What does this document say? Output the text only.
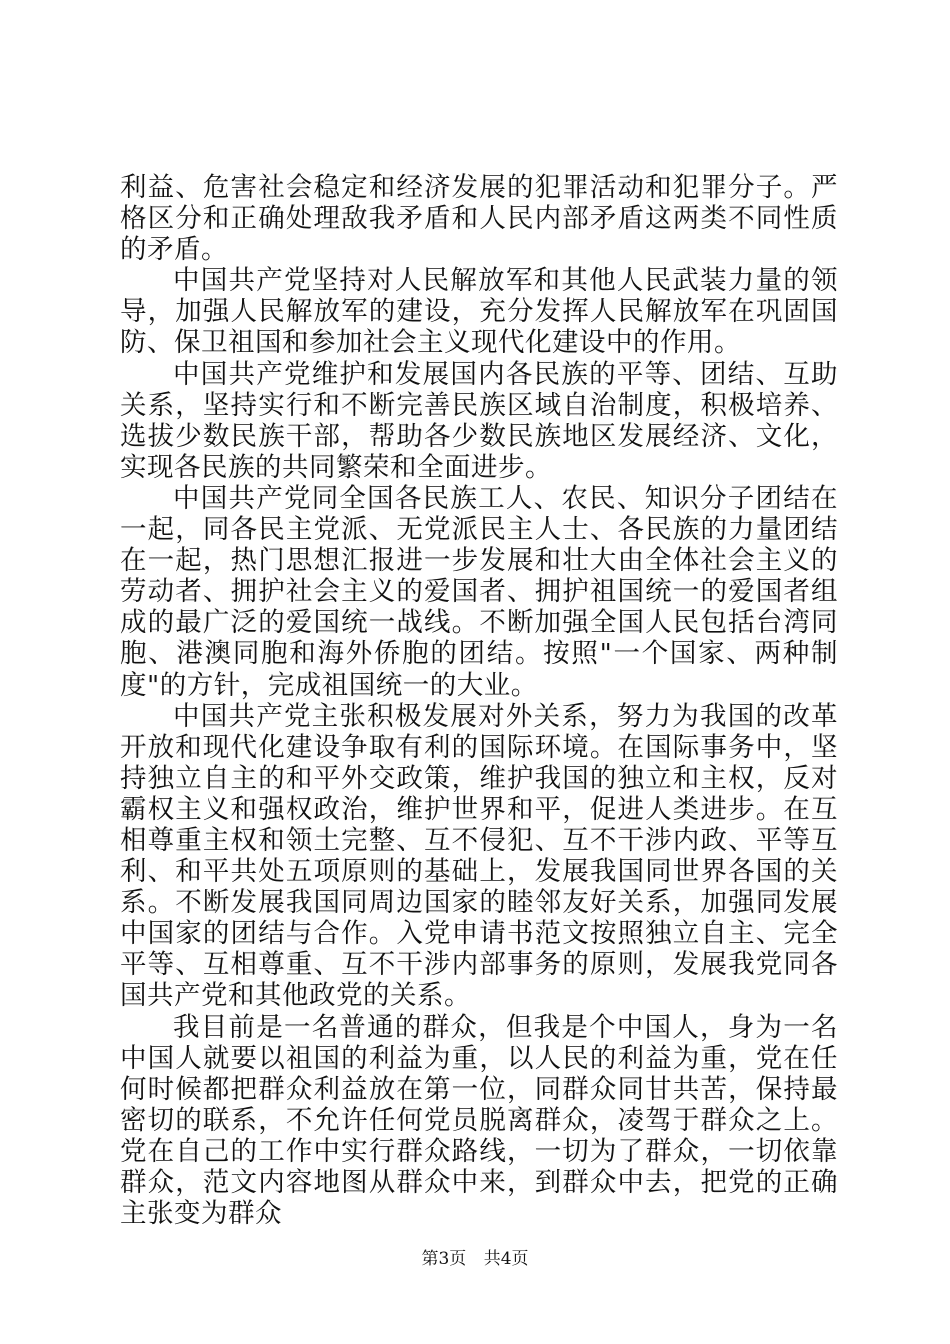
利益、危害社会稳定和经济发展的犯罪活动和犯罪分子。严格区分和正确处理敌我矛盾和人民内部矛盾这两类不同性质的矛盾。

中国共产党坚持对人民解放军和其他人民武装力量的领导，加强人民解放军的建设，充分发挥人民解放军在巩固国防、保卫祖国和参加社会主义现代化建设中的作用。

中国共产党维护和发展国内各民族的平等、团结、互助关系，坚持实行和不断完善民族区域自治制度，积极培养、选拔少数民族干部，帮助各少数民族地区发展经济、文化，实现各民族的共同繁荣和全面进步。

中国共产党同全国各民族工人、农民、知识分子团结在一起，同各民主党派、无党派民主人士、各民族的力量团结在一起，热门思想汇报进一步发展和壮大由全体社会主义的劳动者、拥护社会主义的爱国者、拥护祖国统一的爱国者组成的最广泛的爱国统一战线。不断加强全国人民包括台湾同胞、港澳同胞和海外侨胞的团结。按照"一个国家、两种制度"的方针，完成祖国统一的大业。

中国共产党主张积极发展对外关系，努力为我国的改革开放和现代化建设争取有利的国际环境。在国际事务中，坚持独立自主的和平外交政策，维护我国的独立和主权，反对霸权主义和强权政治，维护世界和平，促进人类进步。在互相尊重主权和领土完整、互不侵犯、互不干涉内政、平等互利、和平共处五项原则的基础上，发展我国同世界各国的关系。不断发展我国同周边国家的睦邻友好关系，加强同发展中国家的团结与合作。入党申请书范文按照独立自主、完全平等、互相尊重、互不干涉内部事务的原则，发展我党同各国共产党和其他政党的关系。

我目前是一名普通的群众，但我是个中国人，身为一名中国人就要以祖国的利益为重，以人民的利益为重，党在任何时候都把群众利益放在第一位，同群众同甘共苦，保持最密切的联系，不允许任何党员脱离群众，凌驾于群众之上。党在自己的工作中实行群众路线，一切为了群众，一切依靠群众，范文内容地图从群众中来，到群众中去，把党的正确主张变为群众

第3页 共4页
